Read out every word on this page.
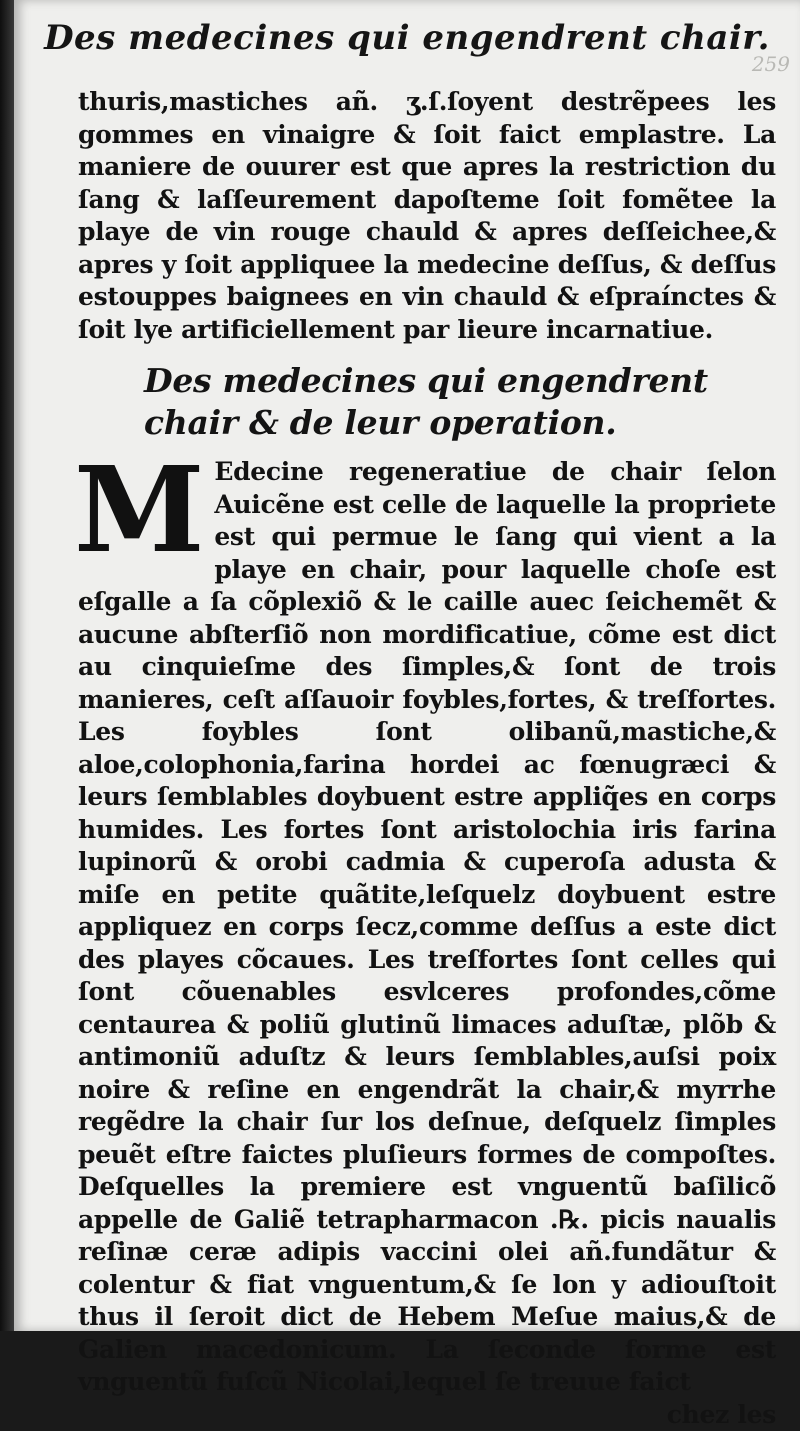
Des medecines qui engendrent chair.
259

thuris,mastiches añ. ʒ.ſ.ſoyent destrẽpees les gommes en vinaigre & ſoit faict emplastre. La maniere de ouurer est que apres la restriction du ſang & laſſeurement dapoſteme ſoit fomẽtee la playe de vin rouge chauld & apres deſſeichee,& apres y ſoit appliquee la medecine deſſus, & deſſus estouppes baignees en vin chauld & eſpraínctes & ſoit lye artificiellement par lieure incarnatiue.

Des medecines qui engendrent chair & de leur operation.

M Edecine regeneratiue de chair ſelon Auicẽne est celle de laquelle la propriete est qui permue le ſang qui vient a la playe en chair, pour laquelle choſe est eſgalle a ſa cõplexiõ & le caille auec ſeichemẽt & aucune abſterſiõ non mordificatiue, cõme est dict au cinquieſme des ſimples,& ſont de trois manieres, ceſt aſſauoir foybles,fortes, & treſfortes. Les foybles ſont olibanũ,mastiche,& aloe,colophonia,farina hordei ac fœnugræci & leurs ſemblables doybuent estre appliq̃es en corps humides. Les fortes ſont aristolochia iris farina lupinorũ & orobi cadmia & cuperoſa adusta & miſe en petite quãtite,leſquelz doybuent estre appliquez en corps ſecz,comme deſſus a este dict des playes cõcaues. Les treſfortes ſont celles qui ſont cõuenables esvlceres profondes,cõme centaurea & poliũ glutinũ limaces aduſtæ, plõb & antimoniũ aduſtz & leurs ſemblables,auſsi poix noire & reſine en engendrãt la chair,& myrrhe regẽdre la chair ſur los deſnue, deſquelz ſimples peuẽt eſtre faictes pluſieurs formes de compoſtes. Deſquelles la premiere est vnguentũ baſilicõ appelle de Galiẽ tetrapharmacon .℞. picis naualis reſinæ ceræ adipis vaccini olei añ.fundãtur & colentur & fiat vnguentum,& ſe lon y adiouſtoit thus il ſeroit dict de Hebem Meſue maius,& de Galien macedonicum. La ſeconde forme est vnguentũ fuſcũ Nicolai,lequel ſe treuue faict

chez les
